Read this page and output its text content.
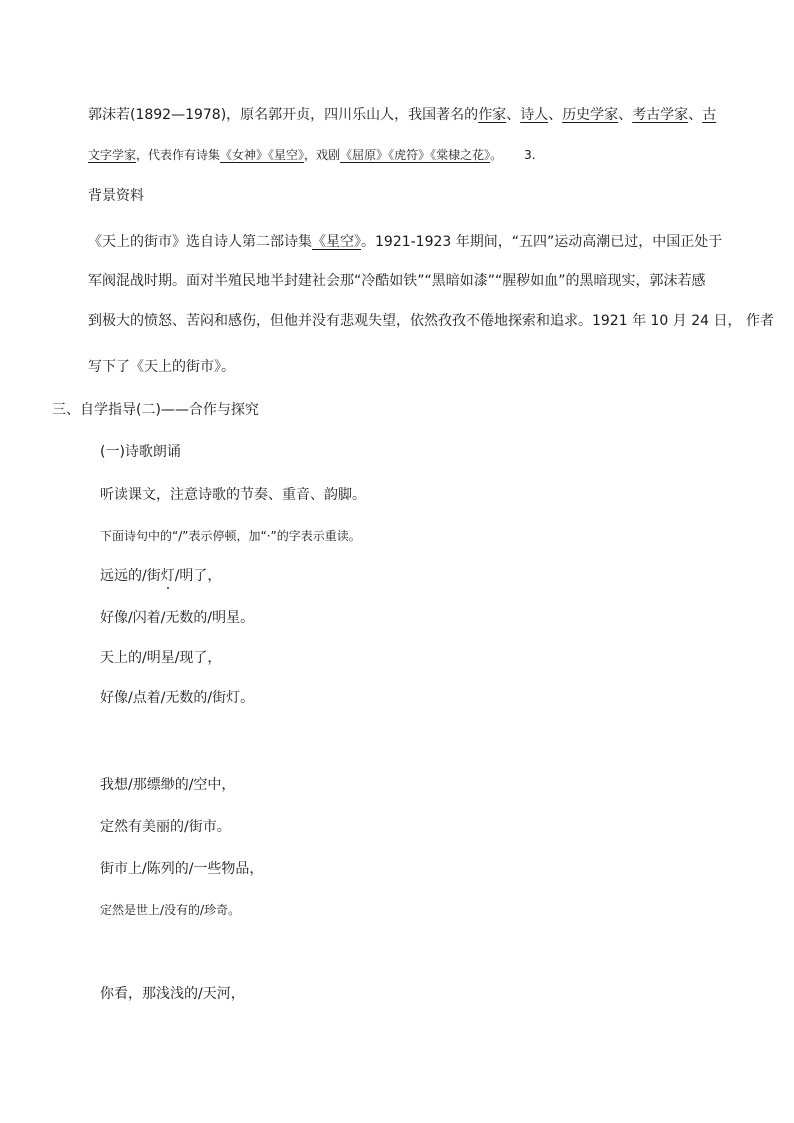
郭沫若(1892—1978)，原名郭开贞，四川乐山人，我国著名的作家、诗人、历史学家、考古学家、古
文字学家，代表作有诗集《女神》《星空》，戏剧《屈原》《虎符》《棠棣之花》。 3.
背景资料
《天上的街市》选自诗人第二部诗集《星空》。1921-1923 年期间，“五四”运动高潮已过，中国正处于
军阀混战时期。面对半殖民地半封建社会那“冷酷如铁”“黑暗如漆”“腥秽如血”的黑暗现实，郭沫若感
到极大的愤怒、苦闷和感伤，但他并没有悲观失望，依然孜孜不倦地探索和追求。1921 年 10 月 24 日， 作者
写下了《天上的街市》。
三、自学指导(二)——合作与探究
(一)诗歌朗诵
听读课文，注意诗歌的节奏、重音、韵脚。
下面诗句中的“/”表示停顿，加“·”的字表示重读。
远远的/街灯/明了，
好像/闪着/无数的/明星。
天上的/明星/现了，
好像/点着/无数的/街灯。
我想/那缥缈的/空中，
定然有美丽的/街市。
街市上/陈列的/一些物品，
定然是世上/没有的/珍奇。
你看，那浅浅的/天河，
